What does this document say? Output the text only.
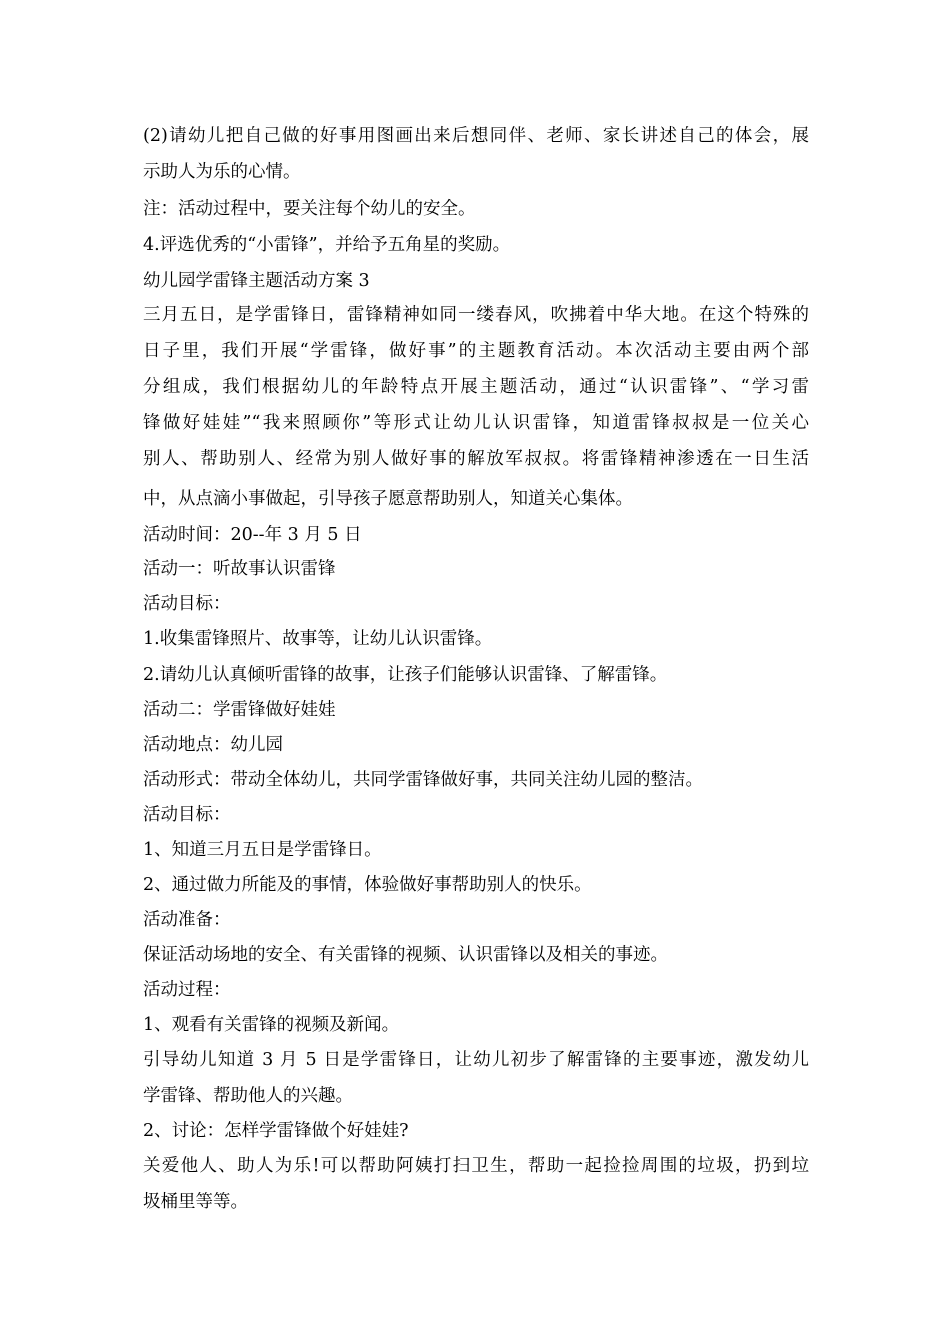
(2)请幼儿把自己做的好事用图画出来后想同伴、老师、家长讲述自己的体会，展
示助人为乐的心情。
注：活动过程中，要关注每个幼儿的安全。
4.评选优秀的“小雷锋”，并给予五角星的奖励。
幼儿园学雷锋主题活动方案 3
三月五日，是学雷锋日，雷锋精神如同一缕春风，吹拂着中华大地。在这个特殊的
日子里，我们开展“学雷锋，做好事”的主题教育活动。本次活动主要由两个部
分组成，我们根据幼儿的年龄特点开展主题活动，通过“认识雷锋”、“学习雷
锋做好娃娃”“我来照顾你”等形式让幼儿认识雷锋，知道雷锋叔叔是一位关心
别人、帮助别人、经常为别人做好事的解放军叔叔。将雷锋精神渗透在一日生活
中，从点滴小事做起，引导孩子愿意帮助别人，知道关心集体。
活动时间：20--年 3 月 5 日
活动一：听故事认识雷锋
活动目标：
1.收集雷锋照片、故事等，让幼儿认识雷锋。
2.请幼儿认真倾听雷锋的故事，让孩子们能够认识雷锋、了解雷锋。
活动二：学雷锋做好娃娃
活动地点：幼儿园
活动形式：带动全体幼儿，共同学雷锋做好事，共同关注幼儿园的整洁。
活动目标：
1、知道三月五日是学雷锋日。
2、通过做力所能及的事情，体验做好事帮助别人的快乐。
活动准备：
保证活动场地的安全、有关雷锋的视频、认识雷锋以及相关的事迹。
活动过程：
1、观看有关雷锋的视频及新闻。
引导幼儿知道 3 月 5 日是学雷锋日，让幼儿初步了解雷锋的主要事迹，激发幼儿
学雷锋、帮助他人的兴趣。
2、讨论：怎样学雷锋做个好娃娃?
关爱他人、助人为乐!可以帮助阿姨打扫卫生，帮助一起捡捡周围的垃圾，扔到垃
圾桶里等等。
